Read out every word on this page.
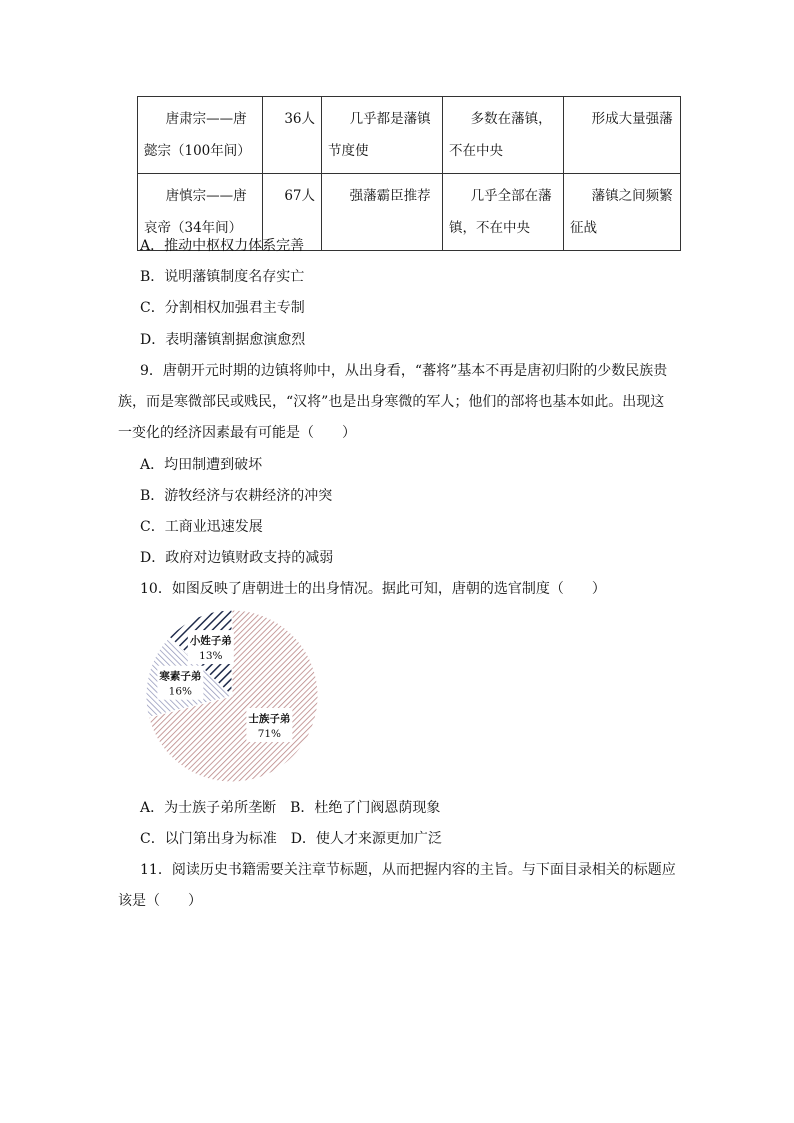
唐肃宗——唐懿宗（100年间）	36人	几乎都是藩镇节度使	多数在藩镇，不在中央	形成大量强藩

唐慎宗——唐哀帝（34年间）	67人	强藩霸臣推荐	几乎全部在藩镇，不在中央	藩镇之间频繁征战
A．推动中枢权力体系完善
B．说明藩镇制度名存实亡
C．分割相权加强君主专制
D．表明藩镇割据愈演愈烈
9．唐朝开元时期的边镇将帅中，从出身看，“蕃将”基本不再是唐初归附的少数民族贵
族，而是寒微部民或贱民，“汉将”也是出身寒微的军人；他们的部将也基本如此。出现这
一变化的经济因素最有可能是（　　）
A．均田制遭到破坏
B．游牧经济与农耕经济的冲突
C．工商业迅速发展
D．政府对边镇财政支持的减弱
10．如图反映了唐朝进士的出身情况。据此可知，唐朝的选官制度（　　）
士族子弟
71%
寒素子弟
16%
小姓子弟
13%
A．为士族子弟所垄断　B．杜绝了门阀恩荫现象
C．以门第出身为标准　D．使人才来源更加广泛
11．阅读历史书籍需要关注章节标题，从而把握内容的主旨。与下面目录相关的标题应
该是（　　）
